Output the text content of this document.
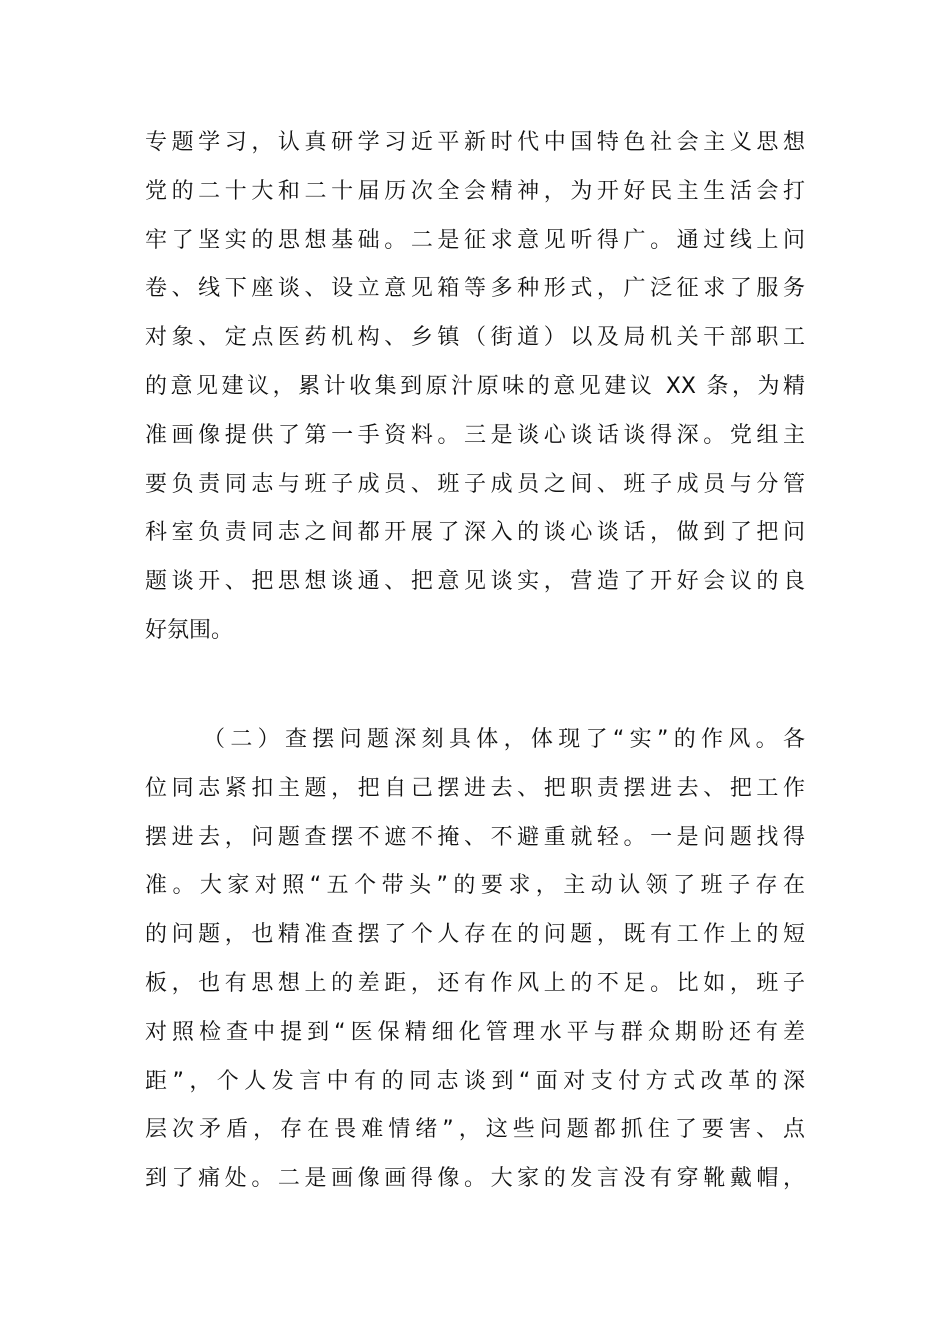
专题学习，认真研学习近平新时代中国特色社会主义思想
党的二十大和二十届历次全会精神，为开好民主生活会打
牢了坚实的思想基础。二是征求意见听得广。通过线上问
卷、线下座谈、设立意见箱等多种形式，广泛征求了服务
对象、定点医药机构、乡镇（街道）以及局机关干部职工
的意见建议，累计收集到原汁原味的意见建议 XX 条，为精
准画像提供了第一手资料。三是谈心谈话谈得深。党组主
要负责同志与班子成员、班子成员之间、班子成员与分管
科室负责同志之间都开展了深入的谈心谈话，做到了把问
题谈开、把思想谈通、把意见谈实，营造了开好会议的良
好氛围。
（二）查摆问题深刻具体，体现了“实”的作风。各
位同志紧扣主题，把自己摆进去、把职责摆进去、把工作
摆进去，问题查摆不遮不掩、不避重就轻。一是问题找得
准。大家对照“五个带头”的要求，主动认领了班子存在
的问题，也精准查摆了个人存在的问题，既有工作上的短
板，也有思想上的差距，还有作风上的不足。比如，班子
对照检查中提到“医保精细化管理水平与群众期盼还有差
距”，个人发言中有的同志谈到“面对支付方式改革的深
层次矛盾，存在畏难情绪”，这些问题都抓住了要害、点
到了痛处。二是画像画得像。大家的发言没有穿靴戴帽，
